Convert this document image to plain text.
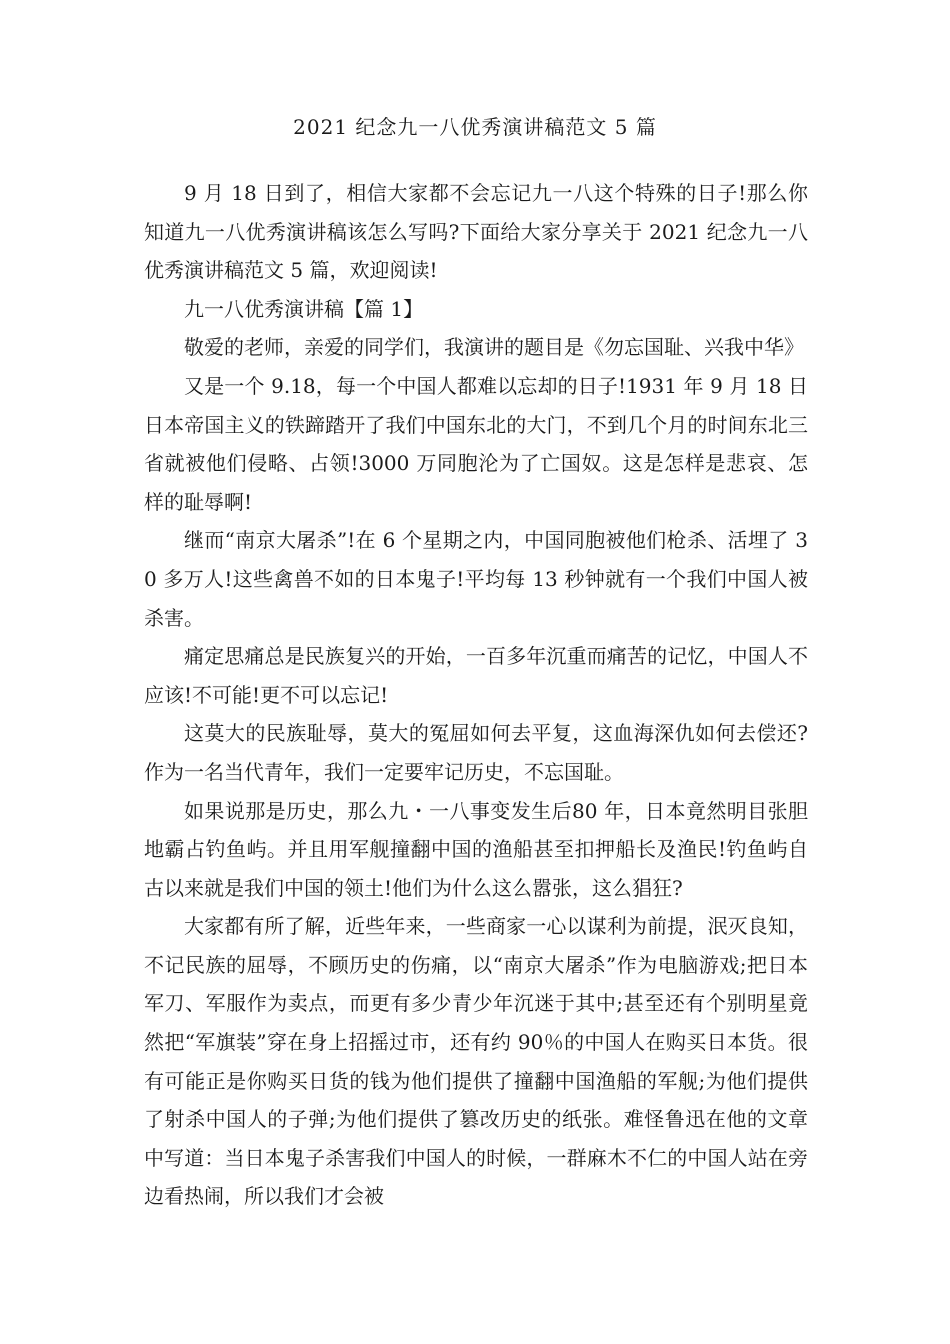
2021 纪念九一八优秀演讲稿范文 5 篇

9 月 18 日到了，相信大家都不会忘记九一八这个特殊的日子!那么你知道九一八优秀演讲稿该怎么写吗?下面给大家分享关于 2021 纪念九一八优秀演讲稿范文 5 篇，欢迎阅读!

九一八优秀演讲稿【篇 1】

敬爱的老师，亲爱的同学们，我演讲的题目是《勿忘国耻、兴我中华》

又是一个 9.18，每一个中国人都难以忘却的日子!1931 年 9 月 18 日日本帝国主义的铁蹄踏开了我们中国东北的大门，不到几个月的时间东北三省就被他们侵略、占领!3000 万同胞沦为了亡国奴。这是怎样是悲哀、怎样的耻辱啊!

继而“南京大屠杀”!在 6 个星期之内，中国同胞被他们枪杀、活埋了 30 多万人!这些禽兽不如的日本鬼子!平均每 13 秒钟就有一个我们中国人被杀害。

痛定思痛总是民族复兴的开始，一百多年沉重而痛苦的记忆，中国人不应该!不可能!更不可以忘记!

这莫大的民族耻辱，莫大的冤屈如何去平复，这血海深仇如何去偿还?作为一名当代青年，我们一定要牢记历史，不忘国耻。

如果说那是历史，那么九・一八事变发生后80 年，日本竟然明目张胆地霸占钓鱼屿。并且用军舰撞翻中国的渔船甚至扣押船长及渔民!钓鱼屿自古以来就是我们中国的领土!他们为什么这么嚣张，这么猖狂?

大家都有所了解，近些年来，一些商家一心以谋利为前提，泯灭良知，不记民族的屈辱，不顾历史的伤痛，以“南京大屠杀”作为电脑游戏;把日本军刀、军服作为卖点，而更有多少青少年沉迷于其中;甚至还有个别明星竟然把“军旗装”穿在身上招摇过市，还有约 90％的中国人在购买日本货。很有可能正是你购买日货的钱为他们提供了撞翻中国渔船的军舰;为他们提供了射杀中国人的子弹;为他们提供了篡改历史的纸张。难怪鲁迅在他的文章中写道：当日本鬼子杀害我们中国人的时候，一群麻木不仁的中国人站在旁边看热闹，所以我们才会被
